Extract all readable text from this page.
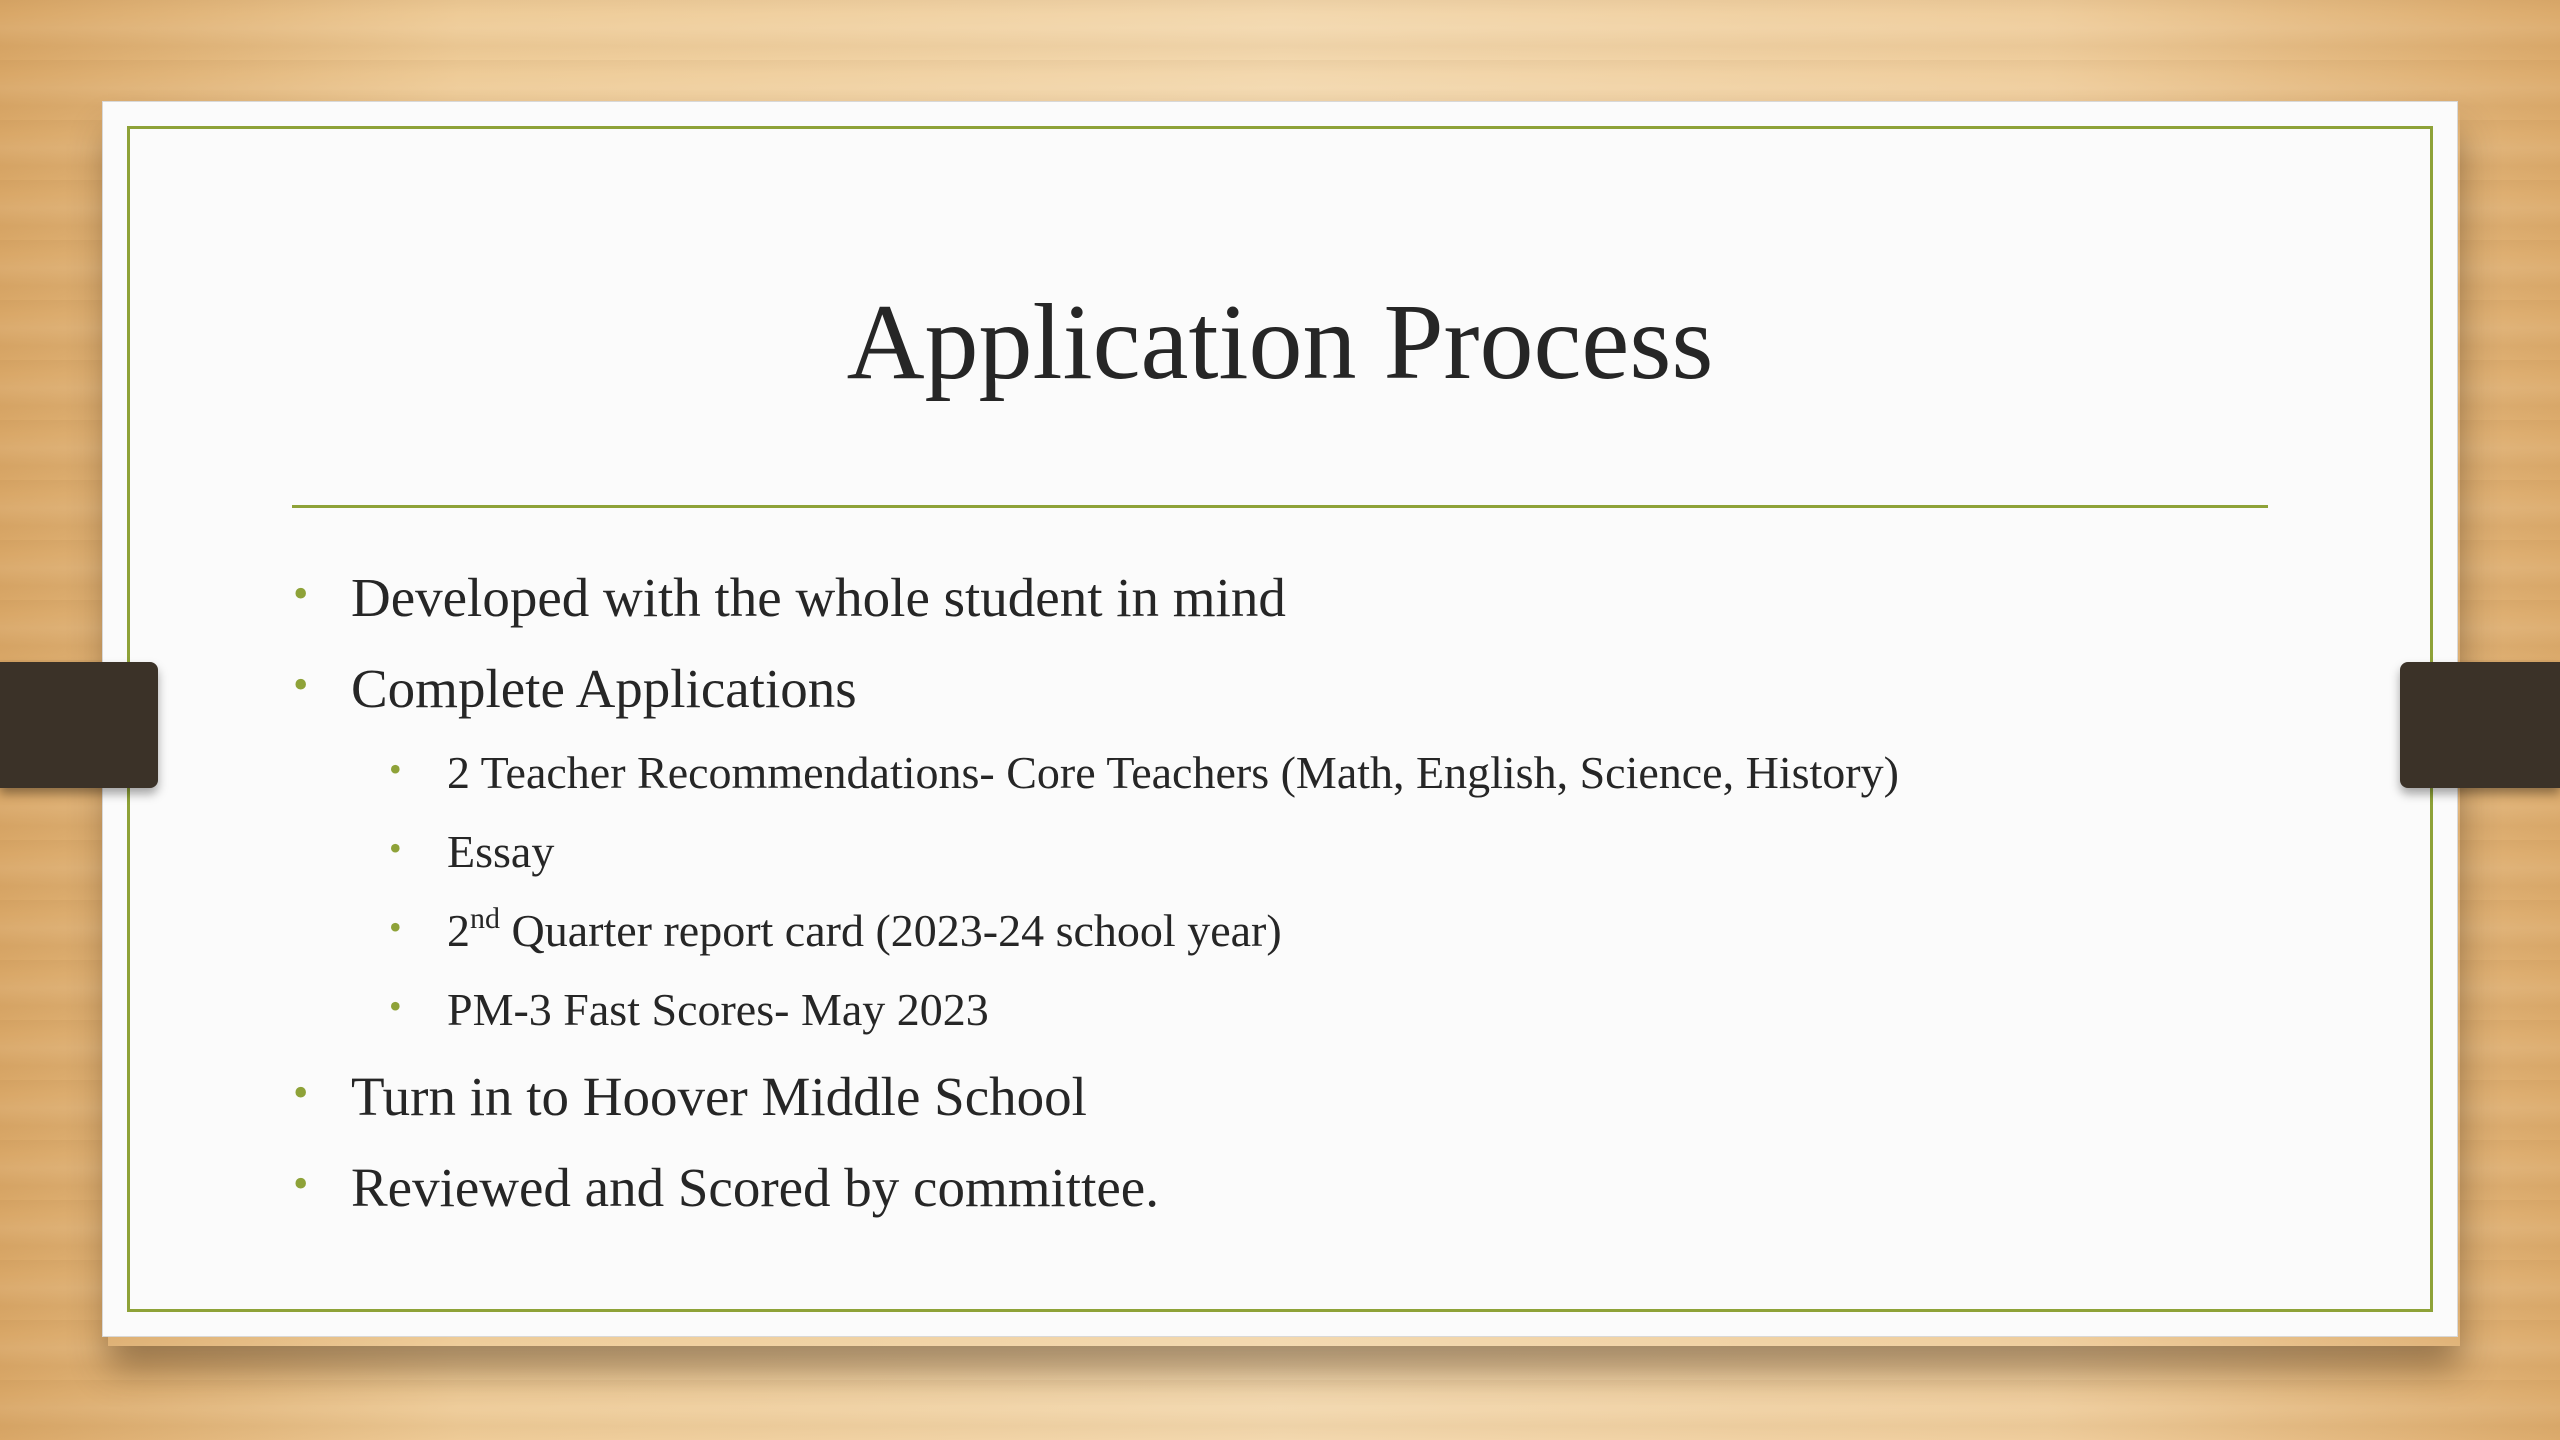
Application Process
• Developed with the whole student in mind
• Complete Applications
• 2 Teacher Recommendations- Core Teachers (Math, English, Science, History)
• Essay
• 2nd Quarter report card (2023-24 school year)
• PM-3 Fast Scores- May 2023
• Turn in to Hoover Middle School
• Reviewed and Scored by committee.
